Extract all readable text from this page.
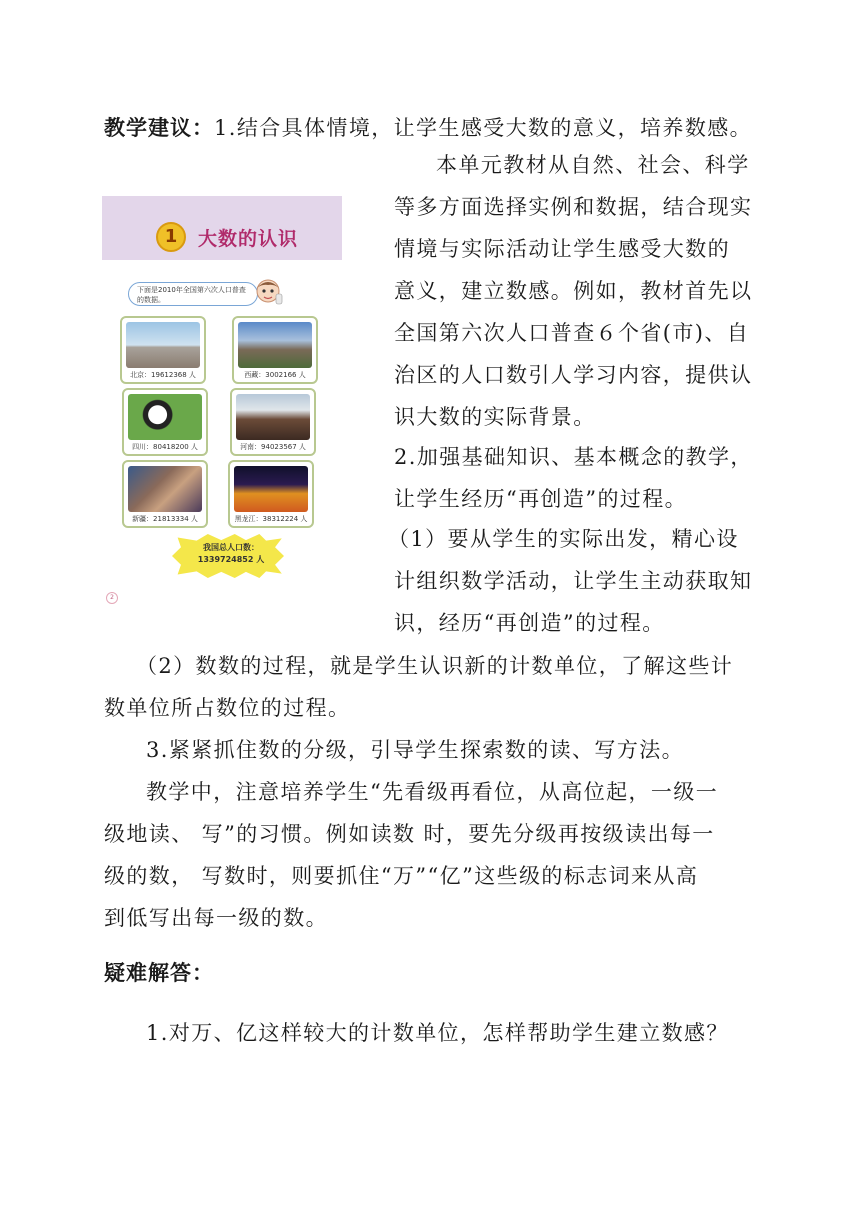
教学建议：1.结合具体情境，让学生感受大数的意义，培养数感。
本单元教材从自然、社会、科学
等多方面选择实例和数据，结合现实
情境与实际活动让学生感受大数的
意义，建立数感。例如，教材首先以
全国第六次人口普查６个省(市)、自
治区的人口数引人学习内容，提供认
识大数的实际背景。
2.加强基础知识、基本概念的教学，
让学生经历“再创造”的过程。
（1）要从学生的实际出发，精心设
计组织数学活动，让学生主动获取知
识，经历“再创造”的过程。
（2）数数的过程，就是学生认识新的计数单位，了解这些计
数单位所占数位的过程。
3.紧紧抓住数的分级，引导学生探索数的读、写方法。
教学中，注意培养学生“先看级再看位，从高位起，一级一
级地读、 写”的习惯。例如读数 时，要先分级再按级读出每一
级的数， 写数时，则要抓住“万”“亿”这些级的标志词来从高
到低写出每一级的数。
疑难解答：
1.对万、亿这样较大的计数单位，怎样帮助学生建立数感？
1	大数的认识
下面是2010年全国第六次人口普查的数据。
北京：19612368 人	西藏：3002166 人
四川：80418200 人	河南：94023567 人
新疆：21813334 人	黑龙江：38312224 人
我国总人口数：
1339724852 人
2
